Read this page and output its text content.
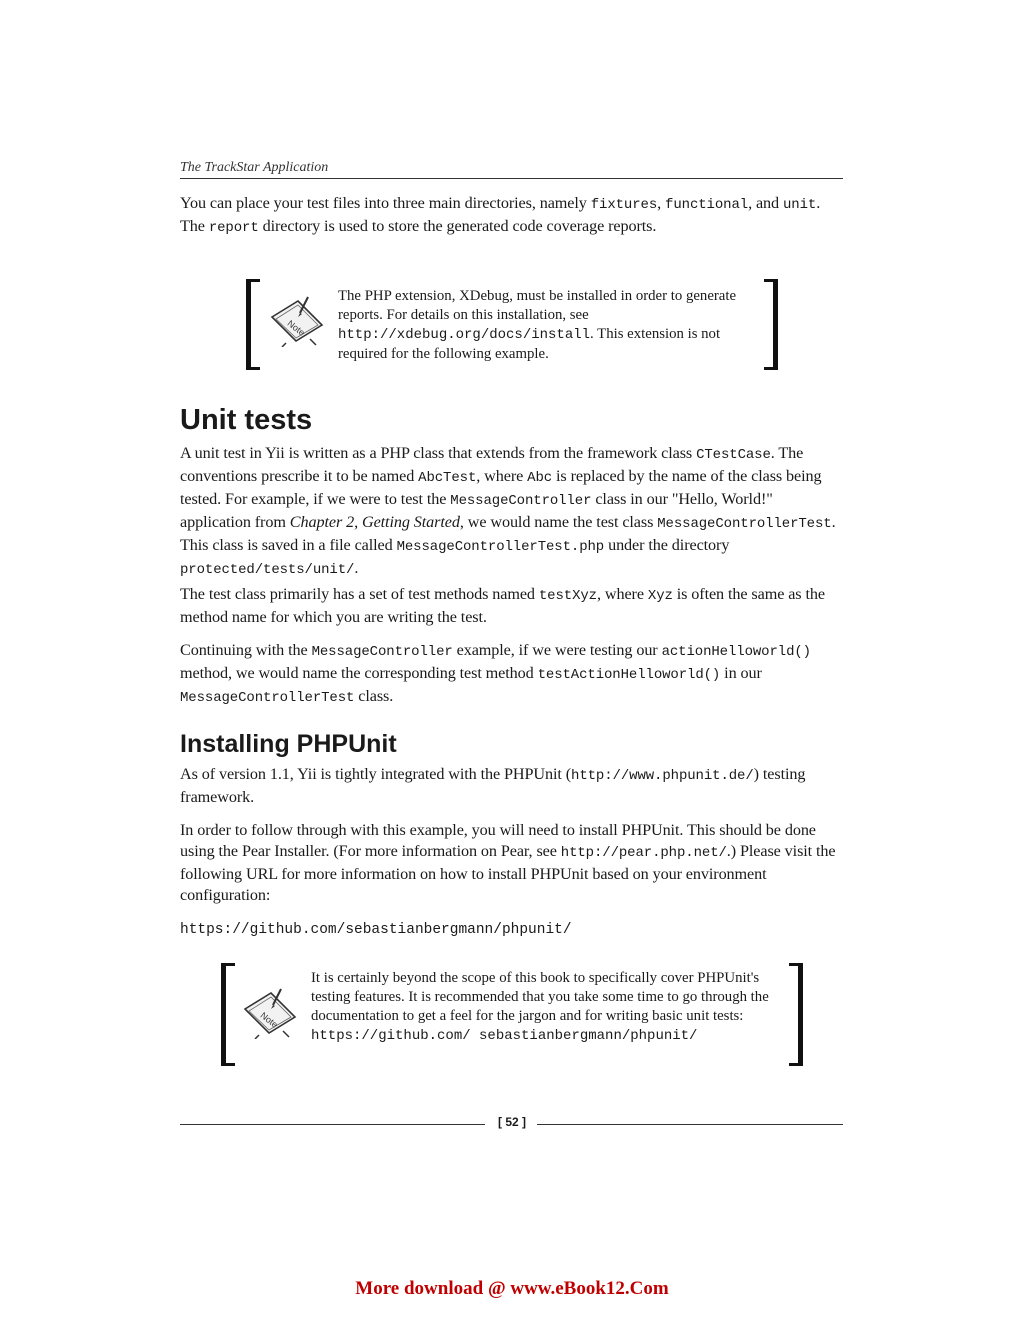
The TrackStar Application

You can place your test files into three main directories, namely fixtures, functional, and unit. The report directory is used to store the generated code coverage reports.

Note
The PHP extension, XDebug, must be installed in order to generate reports. For details on this installation, see http://xdebug.org/docs/install. This extension is not required for the following example.
Unit tests

A unit test in Yii is written as a PHP class that extends from the framework class CTestCase. The conventions prescribe it to be named AbcTest, where Abc is replaced by the name of the class being tested. For example, if we were to test the MessageController class in our "Hello, World!" application from Chapter 2, Getting Started, we would name the test class MessageControllerTest. This class is saved in a file called MessageControllerTest.php under the directory protected/tests/unit/.

The test class primarily has a set of test methods named testXyz, where Xyz is often the same as the method name for which you are writing the test.

Continuing with the MessageController example, if we were testing our actionHelloworld() method, we would name the corresponding test method testActionHelloworld() in our MessageControllerTest class.

Installing PHPUnit

As of version 1.1, Yii is tightly integrated with the PHPUnit (http://www.phpunit.de/) testing framework.

In order to follow through with this example, you will need to install PHPUnit. This should be done using the Pear Installer. (For more information on Pear, see http://pear.php.net/.) Please visit the following URL for more information on how to install PHPUnit based on your environment configuration:

https://github.com/sebastianbergmann/phpunit/
Note
It is certainly beyond the scope of this book to specifically cover PHPUnit's testing features. It is recommended that you take some time to go through the documentation to get a feel for the jargon and for writing basic unit tests: https://github.com/ sebastianbergmann/phpunit/
[ 52 ]
More download @ www.eBook12.Com
